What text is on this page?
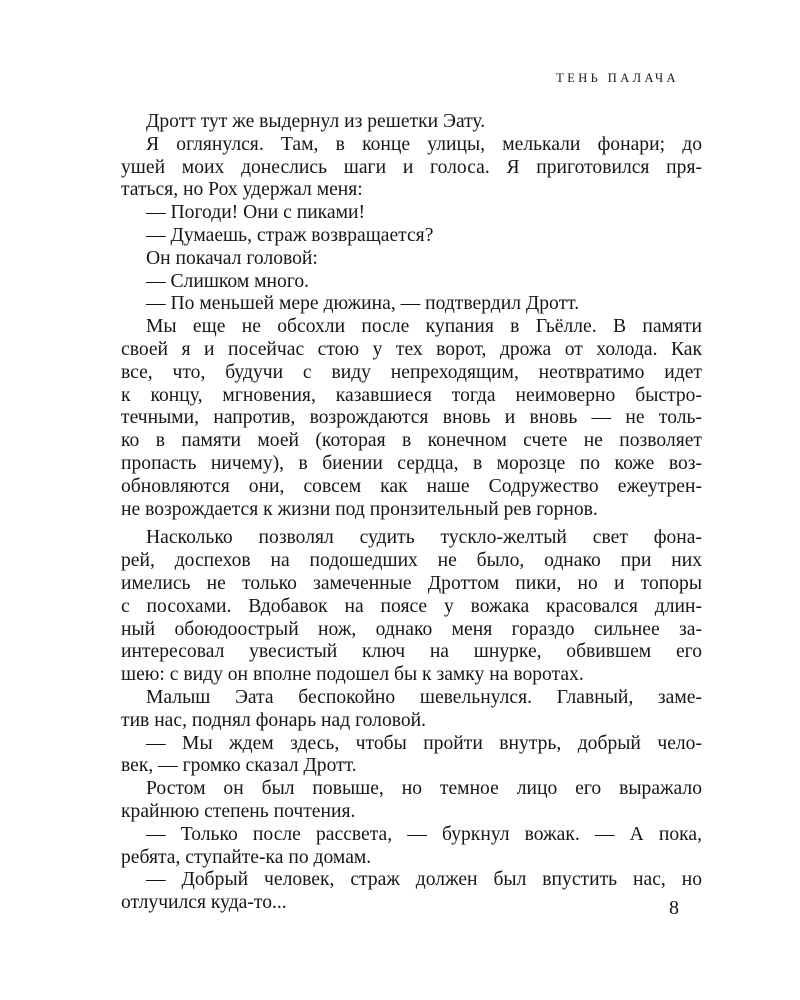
ТЕНЬ ПАЛАЧА
Дротт тут же выдернул из решетки Эату.
Я оглянулся. Там, в конце улицы, мелькали фонари; до
ушей моих донеслись шаги и голоса. Я приготовился пря-
таться, но Рох удержал меня:
— Погоди! Они с пиками!
— Думаешь, страж возвращается?
Он покачал головой:
— Слишком много.
— По меньшей мере дюжина, — подтвердил Дротт.
Мы еще не обсохли после купания в Гьёлле. В памяти
своей я и посейчас стою у тех ворот, дрожа от холода. Как
все, что, будучи с виду непреходящим, неотвратимо идет
к концу, мгновения, казавшиеся тогда неимоверно быстро-
течными, напротив, возрождаются вновь и вновь — не толь-
ко в памяти моей (которая в конечном счете не позволяет
пропасть ничему), в биении сердца, в морозце по коже воз-
обновляются они, совсем как наше Содружество ежеутрен-
не возрождается к жизни под пронзительный рев горнов.
Насколько позволял судить тускло-желтый свет фона-
рей, доспехов на подошедших не было, однако при них
имелись не только замеченные Дроттом пики, но и топоры
с посохами. Вдобавок на поясе у вожака красовался длин-
ный обоюдоострый нож, однако меня гораздо сильнее за-
интересовал увесистый ключ на шнурке, обвившем его
шею: с виду он вполне подошел бы к замку на воротах.
Малыш Эата беспокойно шевельнулся. Главный, заме-
тив нас, поднял фонарь над головой.
— Мы ждем здесь, чтобы пройти внутрь, добрый чело-
век, — громко сказал Дротт.
Ростом он был повыше, но темное лицо его выражало
крайнюю степень почтения.
— Только после рассвета, — буркнул вожак. — А пока,
ребята, ступайте-ка по домам.
— Добрый человек, страж должен был впустить нас, но
отлучился куда-то...	8
